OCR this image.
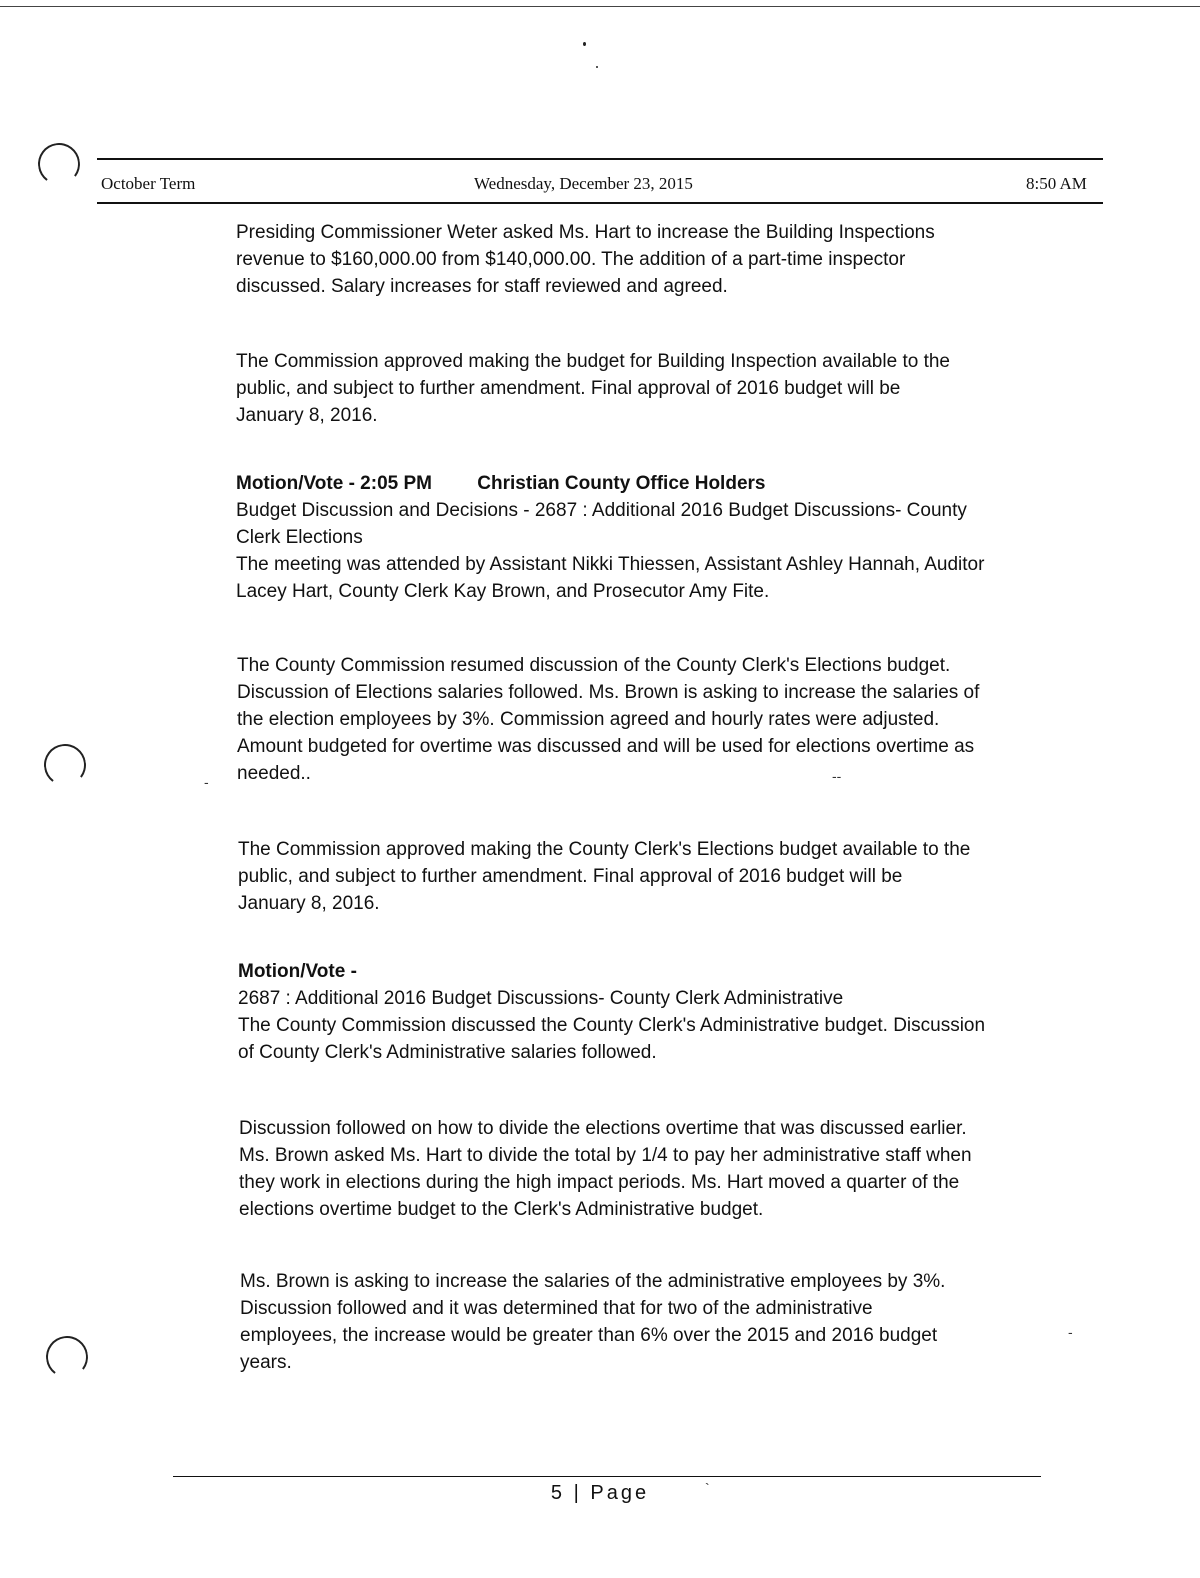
October Term	Wednesday, December 23, 2015	8:50 AM
Presiding Commissioner Weter asked Ms. Hart to increase the Building Inspections
revenue to $160,000.00 from $140,000.00. The addition of a part-time inspector
discussed. Salary increases for staff reviewed and agreed.
The Commission approved making the budget for Building Inspection available to the
public, and subject to further amendment. Final approval of 2016 budget will be
January 8, 2016.
Motion/Vote - 2:05 PM Christian County Office Holders
Budget Discussion and Decisions - 2687 : Additional 2016 Budget Discussions- County
Clerk Elections
The meeting was attended by Assistant Nikki Thiessen, Assistant Ashley Hannah, Auditor
Lacey Hart, County Clerk Kay Brown, and Prosecutor Amy Fite.
The County Commission resumed discussion of the County Clerk's Elections budget.
Discussion of Elections salaries followed. Ms. Brown is asking to increase the salaries of
the election employees by 3%. Commission agreed and hourly rates were adjusted.
Amount budgeted for overtime was discussed and will be used for elections overtime as
needed..
-	--
The Commission approved making the County Clerk's Elections budget available to the
public, and subject to further amendment. Final approval of 2016 budget will be
January 8, 2016.
Motion/Vote -
2687 : Additional 2016 Budget Discussions- County Clerk Administrative
The County Commission discussed the County Clerk's Administrative budget. Discussion
of County Clerk's Administrative salaries followed.
Discussion followed on how to divide the elections overtime that was discussed earlier.
Ms. Brown asked Ms. Hart to divide the total by 1/4 to pay her administrative staff when
they work in elections during the high impact periods. Ms. Hart moved a quarter of the
elections overtime budget to the Clerk's Administrative budget.
Ms. Brown is asking to increase the salaries of the administrative employees by 3%.
Discussion followed and it was determined that for two of the administrative
employees, the increase would be greater than 6% over the 2015 and 2016 budget
years.
-
5 | Page	`
